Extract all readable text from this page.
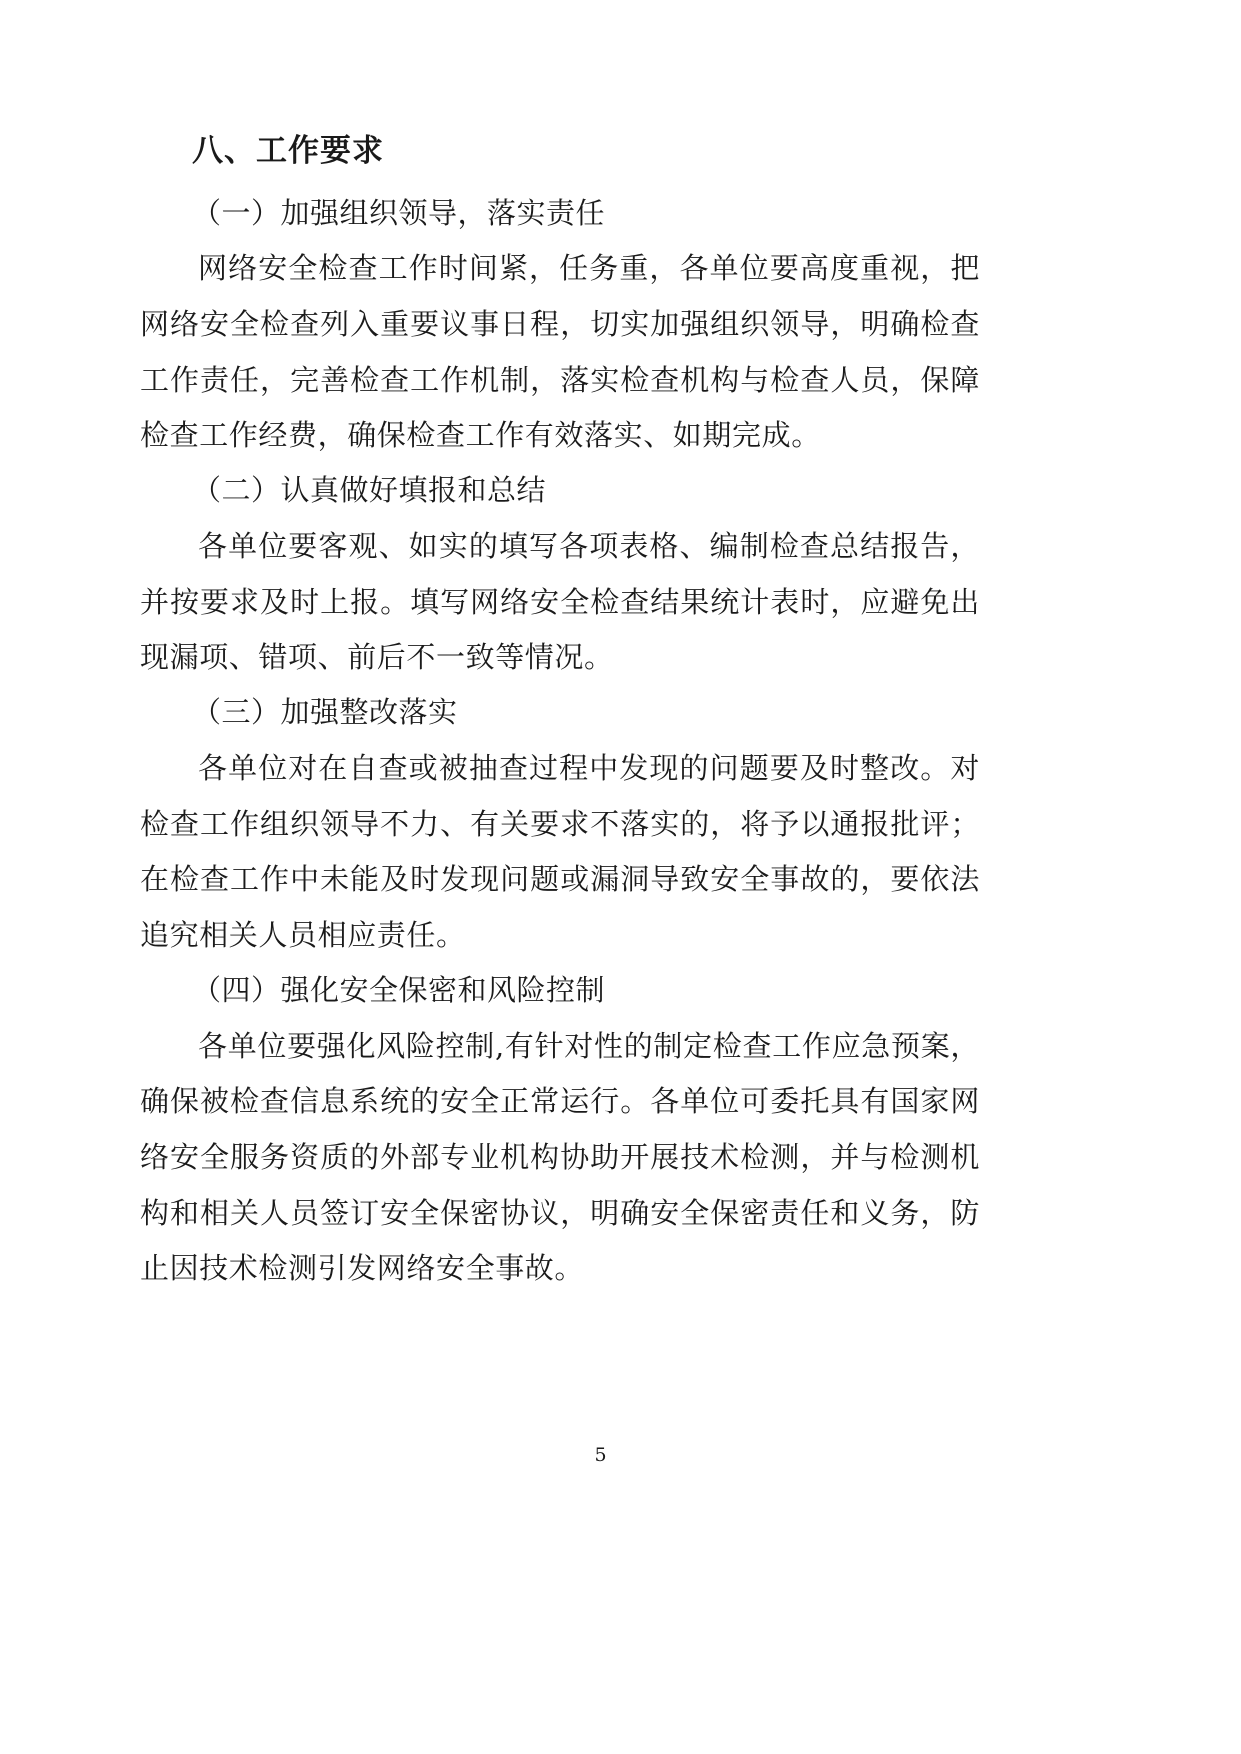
八、工作要求
（一）加强组织领导，落实责任
网络安全检查工作时间紧，任务重，各单位要高度重视，把网络安全检查列入重要议事日程，切实加强组织领导，明确检查工作责任，完善检查工作机制，落实检查机构与检查人员，保障检查工作经费，确保检查工作有效落实、如期完成。
（二）认真做好填报和总结
各单位要客观、如实的填写各项表格、编制检查总结报告，并按要求及时上报。填写网络安全检查结果统计表时，应避免出现漏项、错项、前后不一致等情况。
（三）加强整改落实
各单位对在自查或被抽查过程中发现的问题要及时整改。对检查工作组织领导不力、有关要求不落实的，将予以通报批评；在检查工作中未能及时发现问题或漏洞导致安全事故的，要依法追究相关人员相应责任。
（四）强化安全保密和风险控制
各单位要强化风险控制,有针对性的制定检查工作应急预案，确保被检查信息系统的安全正常运行。各单位可委托具有国家网络安全服务资质的外部专业机构协助开展技术检测，并与检测机构和相关人员签订安全保密协议，明确安全保密责任和义务，防止因技术检测引发网络安全事故。
5
